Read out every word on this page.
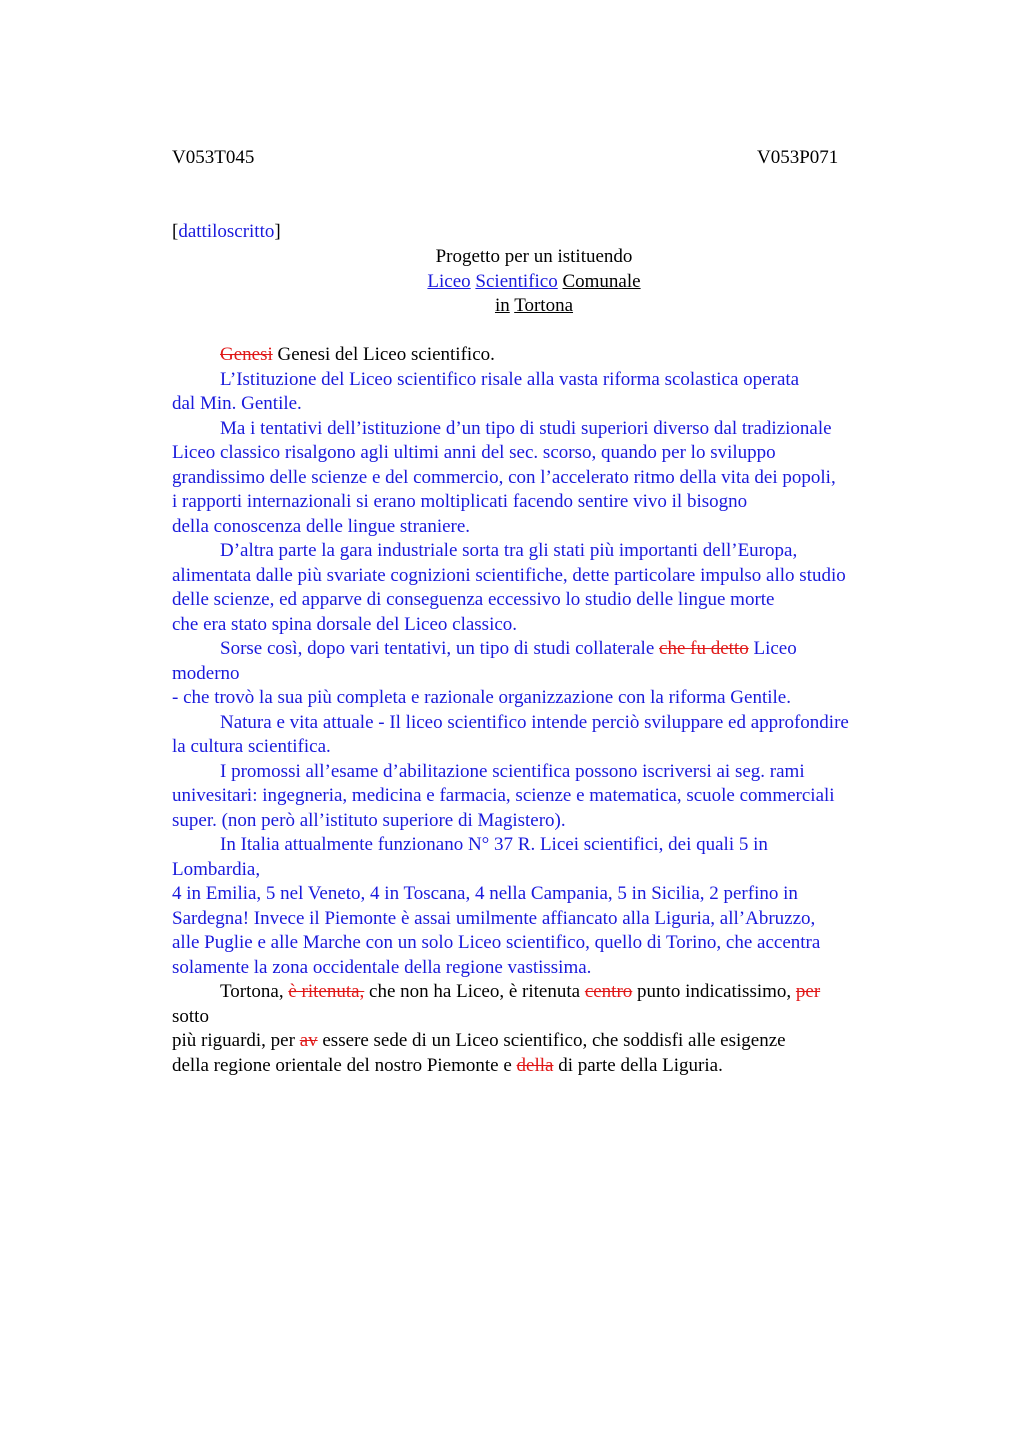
V053T045	V053P071
[dattiloscritto]
Progetto per un istituendo
Liceo Scientifico Comunale
in Tortona

Genesi Genesi del Liceo scientifico.

L’Istituzione del Liceo scientifico risale alla vasta riforma scolastica operata

dal Min. Gentile.

Ma i tentativi dell’istituzione d’un tipo di studi superiori diverso dal tradizionale

Liceo classico risalgono agli ultimi anni del sec. scorso, quando per lo sviluppo

grandissimo delle scienze e del commercio, con l’accelerato ritmo della vita dei popoli,

i rapporti internazionali si erano moltiplicati facendo sentire vivo il bisogno

della conoscenza delle lingue straniere.

D’altra parte la gara industriale sorta tra gli stati più importanti dell’Europa,

alimentata dalle più svariate cognizioni scientifiche, dette particolare impulso allo studio

delle scienze, ed apparve di conseguenza eccessivo lo studio delle lingue morte

che era stato spina dorsale del Liceo classico.

Sorse così, dopo vari tentativi, un tipo di studi collaterale che fu detto Liceo

moderno

- che trovò la sua più completa e razionale organizzazione con la riforma Gentile.

Natura e vita attuale - Il liceo scientifico intende perciò sviluppare ed approfondire

la cultura scientifica.

I promossi all’esame d’abilitazione scientifica possono iscriversi ai seg. rami

univesitari: ingegneria, medicina e farmacia, scienze e matematica, scuole commerciali

super. (non però all’istituto superiore di Magistero).

In Italia attualmente funzionano N° 37 R. Licei scientifici, dei quali 5 in

Lombardia,

4 in Emilia, 5 nel Veneto, 4 in Toscana, 4 nella Campania, 5 in Sicilia, 2 perfino in

Sardegna! Invece il Piemonte è assai umilmente affiancato alla Liguria, all’Abruzzo,

alle Puglie e alle Marche con un solo Liceo scientifico, quello di Torino, che accentra

solamente la zona occidentale della regione vastissima.

Tortona, è ritenuta, che non ha Liceo, è ritenuta centro punto indicatissimo, per

sotto

più riguardi, per av essere sede di un Liceo scientifico, che soddisfi alle esigenze

della regione orientale del nostro Piemonte e della di parte della Liguria.
